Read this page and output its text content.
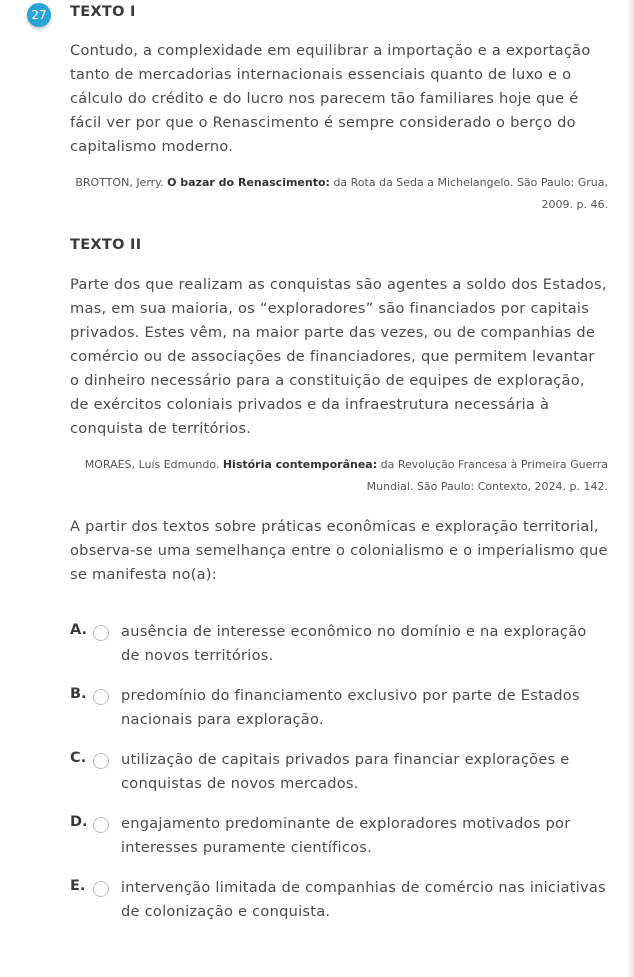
27	TEXTO I

Contudo, a complexidade em equilibrar a importação e a exportação tanto de mercadorias internacionais essenciais quanto de luxo e o cálculo do crédito e do lucro nos parecem tão familiares hoje que é fácil ver por que o Renascimento é sempre considerado o berço do capitalismo moderno.

BROTTON, Jerry. O bazar do Renascimento: da Rota da Seda a Michelangelo. São Paulo: Grua, 2009. p. 46.

TEXTO II

Parte dos que realizam as conquistas são agentes a soldo dos Estados, mas, em sua maioria, os “exploradores” são financiados por capitais privados. Estes vêm, na maior parte das vezes, ou de companhias de comércio ou de associações de financiadores, que permitem levantar o dinheiro necessário para a constituição de equipes de exploração, de exércitos coloniais privados e da infraestrutura necessária à conquista de territórios.

MORAES, Luís Edmundo. História contemporânea: da Revolução Francesa à Primeira Guerra Mundial. São Paulo: Contexto, 2024. p. 142.

A partir dos textos sobre práticas econômicas e exploração territorial, observa-se uma semelhança entre o colonialismo e o imperialismo que se manifesta no(a):

A. ausência de interesse econômico no domínio e na exploração de novos territórios.
B. predomínio do financiamento exclusivo por parte de Estados nacionais para exploração.
C. utilização de capitais privados para financiar explorações e conquistas de novos mercados.
D. engajamento predominante de exploradores motivados por interesses puramente científicos.
E. intervenção limitada de companhias de comércio nas iniciativas de colonização e conquista.
